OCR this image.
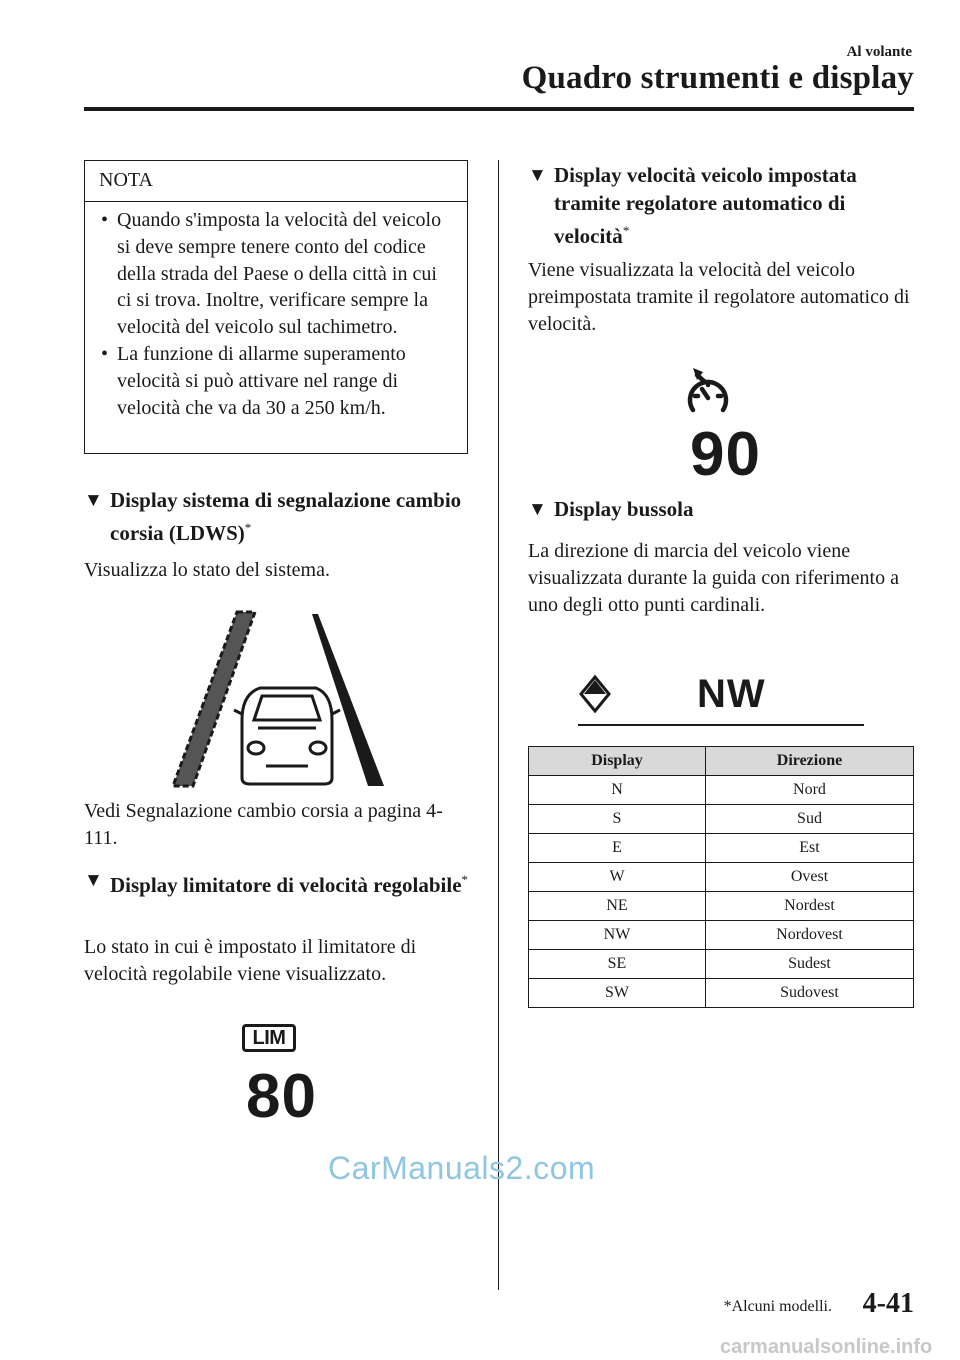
Al volante
Quadro strumenti e display
NOTA
• Quando s'imposta la velocità del veicolo si deve sempre tenere conto del codice della strada del Paese o della città in cui ci si trova. Inoltre, verificare sempre la velocità del veicolo sul tachimetro.
• La funzione di allarme superamento velocità si può attivare nel range di velocità che va da 30 a 250 km/h.
▼ Display sistema di segnalazione cambio corsia (LDWS)*
Visualizza lo stato del sistema.
Vedi Segnalazione cambio corsia a pagina 4-111.
▼ Display limitatore di velocità regolabile*
Lo stato in cui è impostato il limitatore di velocità regolabile viene visualizzato.
LIM
80
▼ Display velocità veicolo impostata tramite regolatore automatico di velocità*
Viene visualizzata la velocità del veicolo preimpostata tramite il regolatore automatico di velocità.
90
▼ Display bussola
La direzione di marcia del veicolo viene visualizzata durante la guida con riferimento a uno degli otto punti cardinali.
NW
Display	Direzione
N	Nord
S	Sud
E	Est
W	Ovest
NE	Nordest
NW	Nordovest
SE	Sudest
SW	Sudovest
CarManuals2.com
*Alcuni modelli. 4-41
carmanualsonline.info
